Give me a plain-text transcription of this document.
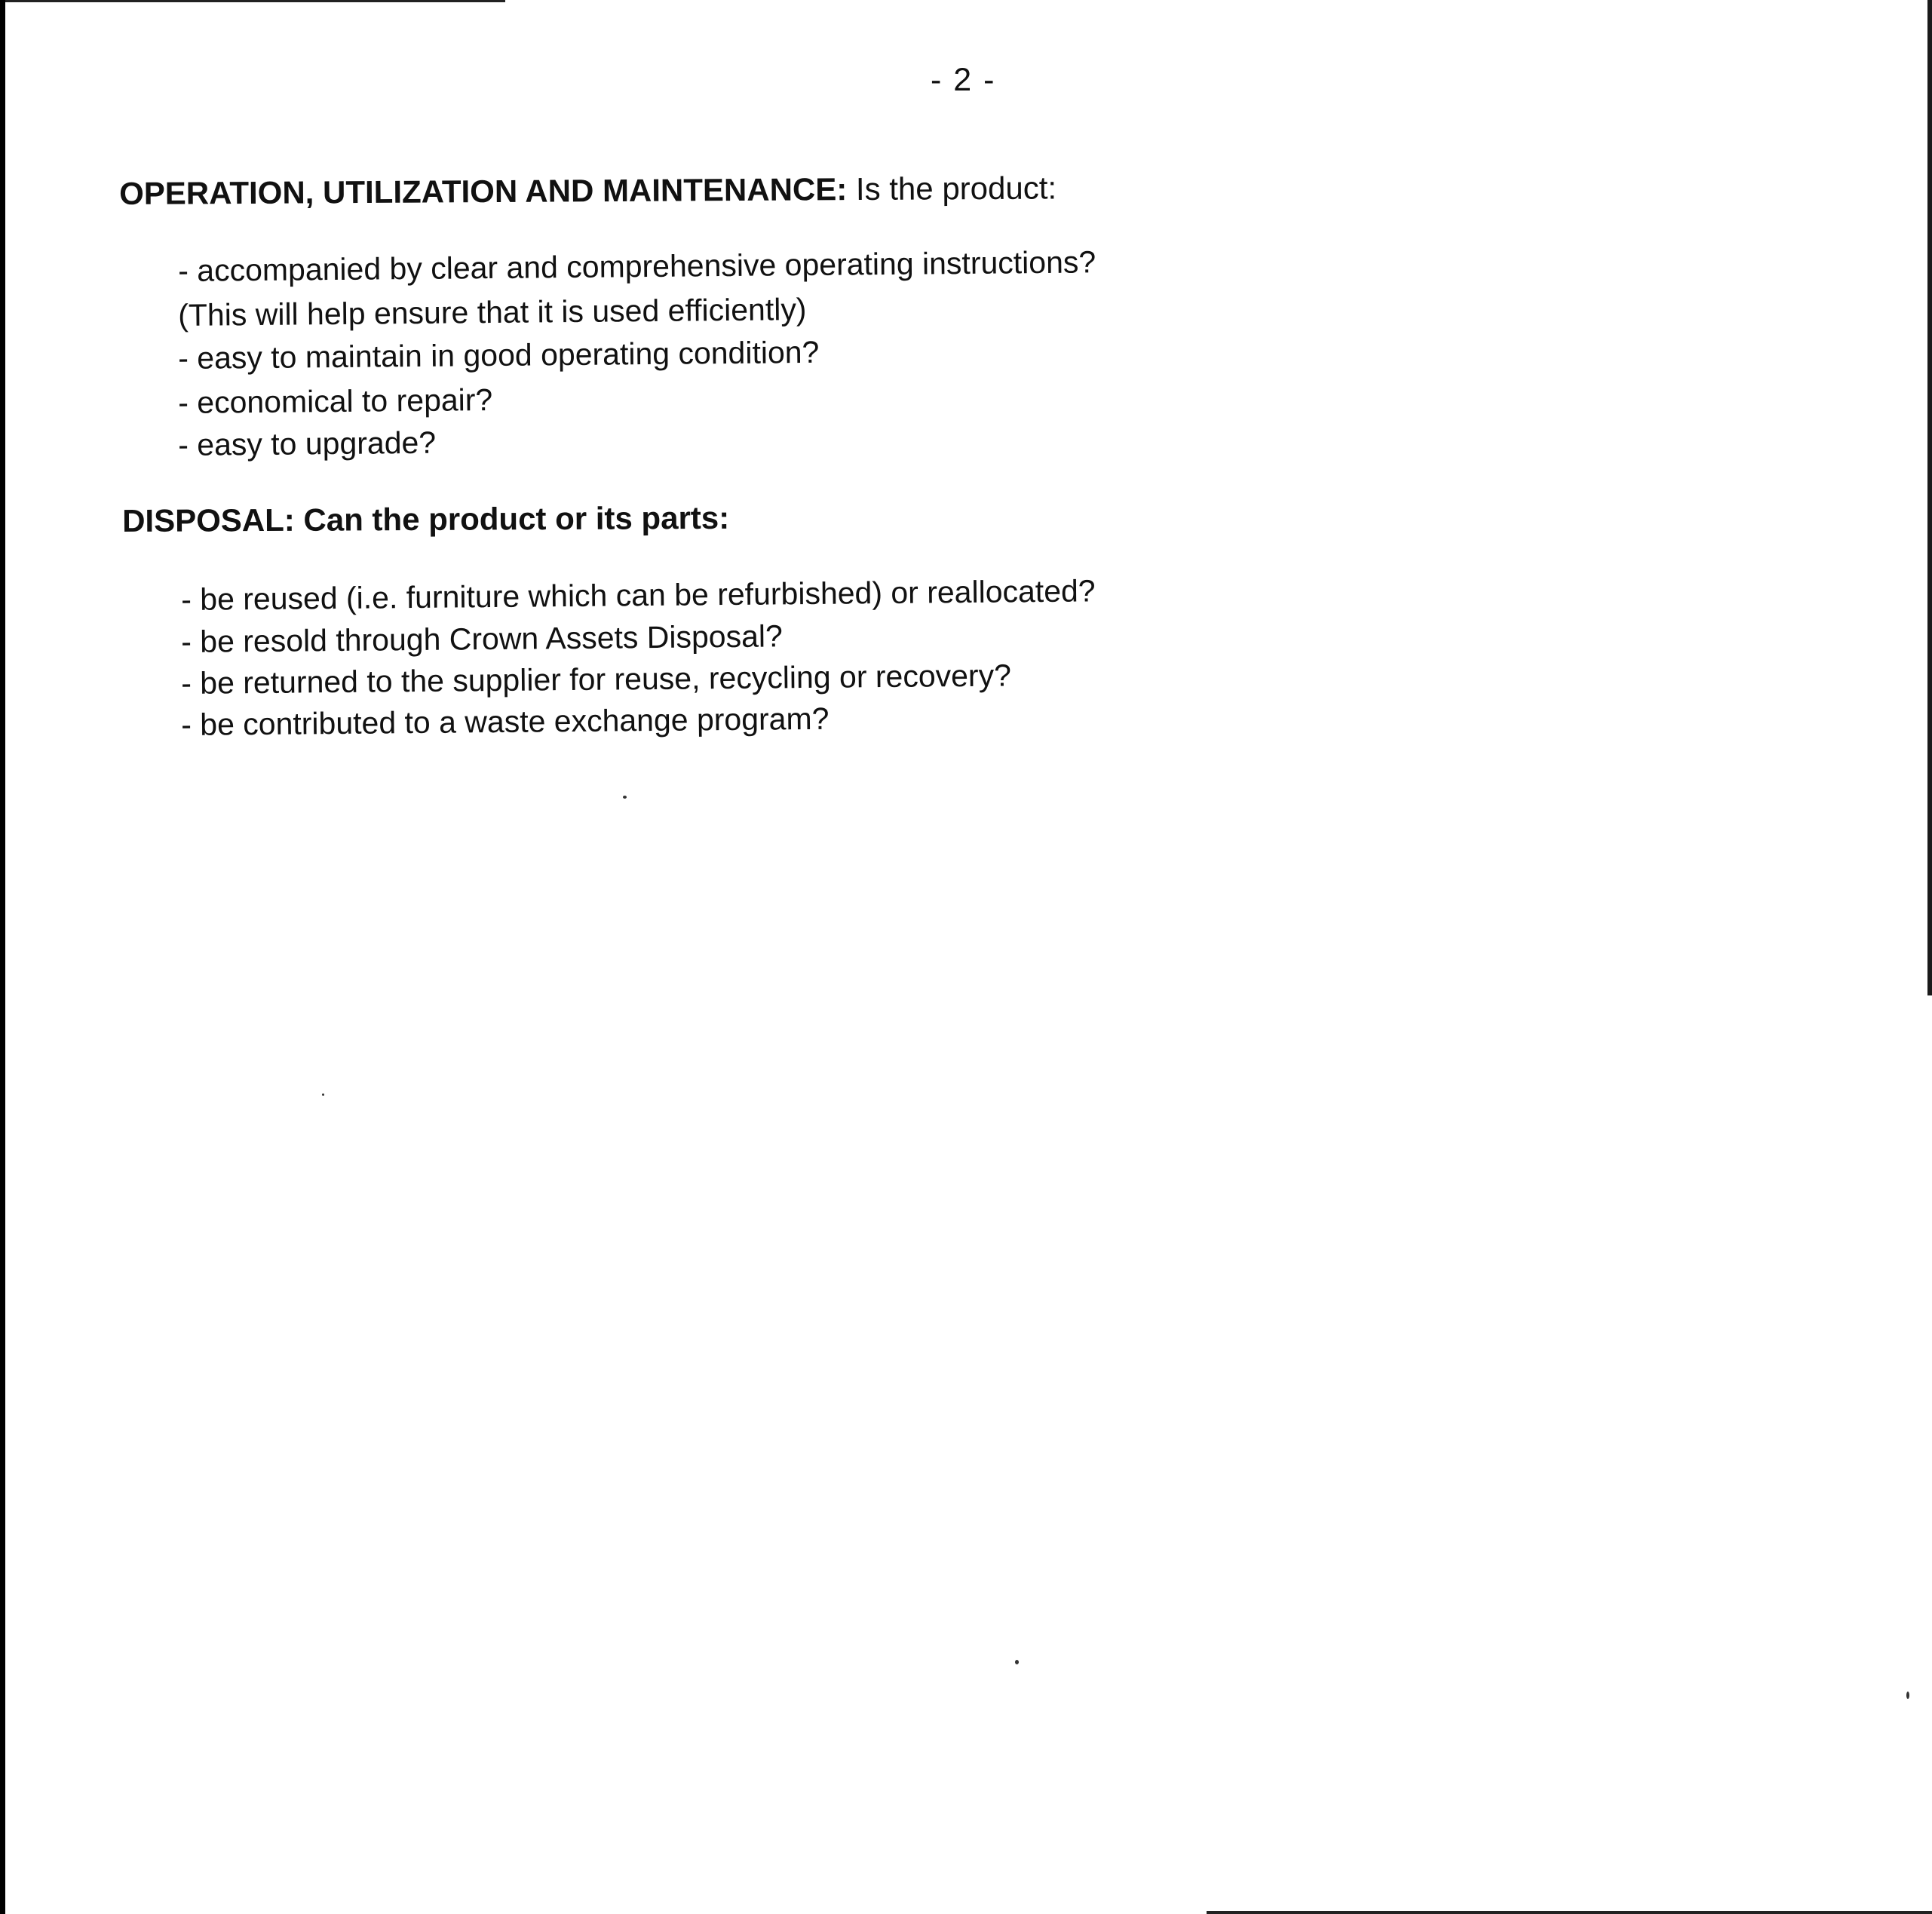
- 2 -
OPERATION, UTILIZATION AND MAINTENANCE: Is the product:
- accompanied by clear and comprehensive operating instructions?
(This will help ensure that it is used efficiently)
- easy to maintain in good operating condition?
- economical to repair?
- easy to upgrade?
DISPOSAL: Can the product or its parts:
- be reused (i.e. furniture which can be refurbished) or reallocated?
- be resold through Crown Assets Disposal?
- be returned to the supplier for reuse, recycling or recovery?
- be contributed to a waste exchange program?
